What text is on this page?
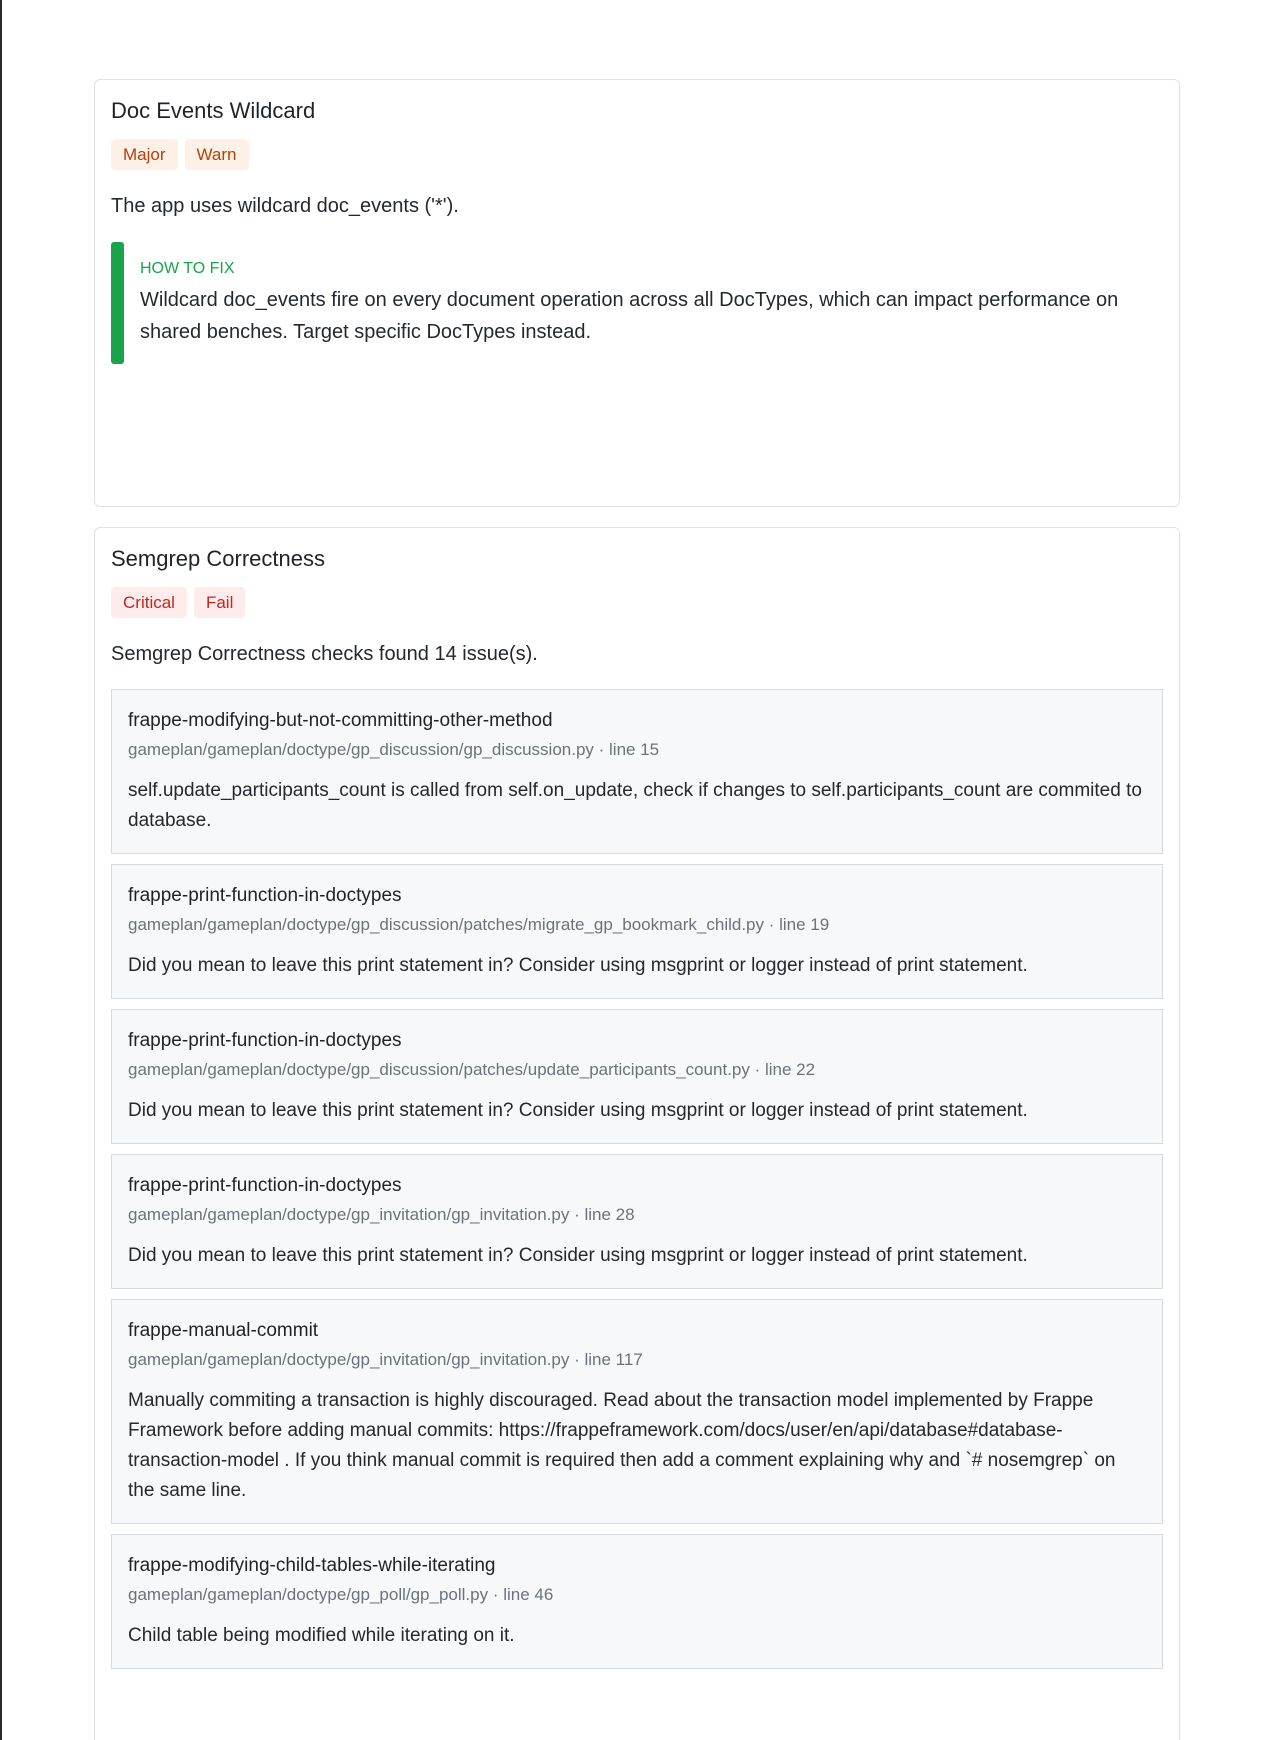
Doc Events Wildcard
Major	Warn
The app uses wildcard doc_events ('*').
HOW TO FIX
Wildcard doc_events fire on every document operation across all DocTypes, which can impact performance on shared benches. Target specific DocTypes instead.
Semgrep Correctness
Critical	Fail
Semgrep Correctness checks found 14 issue(s).
frappe-modifying-but-not-committing-other-method
gameplan/gameplan/doctype/gp_discussion/gp_discussion.py · line 15
self.update_participants_count is called from self.on_update, check if changes to self.participants_count are commited to database.
frappe-print-function-in-doctypes
gameplan/gameplan/doctype/gp_discussion/patches/migrate_gp_bookmark_child.py · line 19
Did you mean to leave this print statement in? Consider using msgprint or logger instead of print statement.
frappe-print-function-in-doctypes
gameplan/gameplan/doctype/gp_discussion/patches/update_participants_count.py · line 22
Did you mean to leave this print statement in? Consider using msgprint or logger instead of print statement.
frappe-print-function-in-doctypes
gameplan/gameplan/doctype/gp_invitation/gp_invitation.py · line 28
Did you mean to leave this print statement in? Consider using msgprint or logger instead of print statement.
frappe-manual-commit
gameplan/gameplan/doctype/gp_invitation/gp_invitation.py · line 117
Manually commiting a transaction is highly discouraged. Read about the transaction model implemented by Frappe Framework before adding manual commits: https://frappeframework.com/docs/user/en/api/database#database-transaction-model . If you think manual commit is required then add a comment explaining why and `# nosemgrep` on the same line.
frappe-modifying-child-tables-while-iterating
gameplan/gameplan/doctype/gp_poll/gp_poll.py · line 46
Child table being modified while iterating on it.
